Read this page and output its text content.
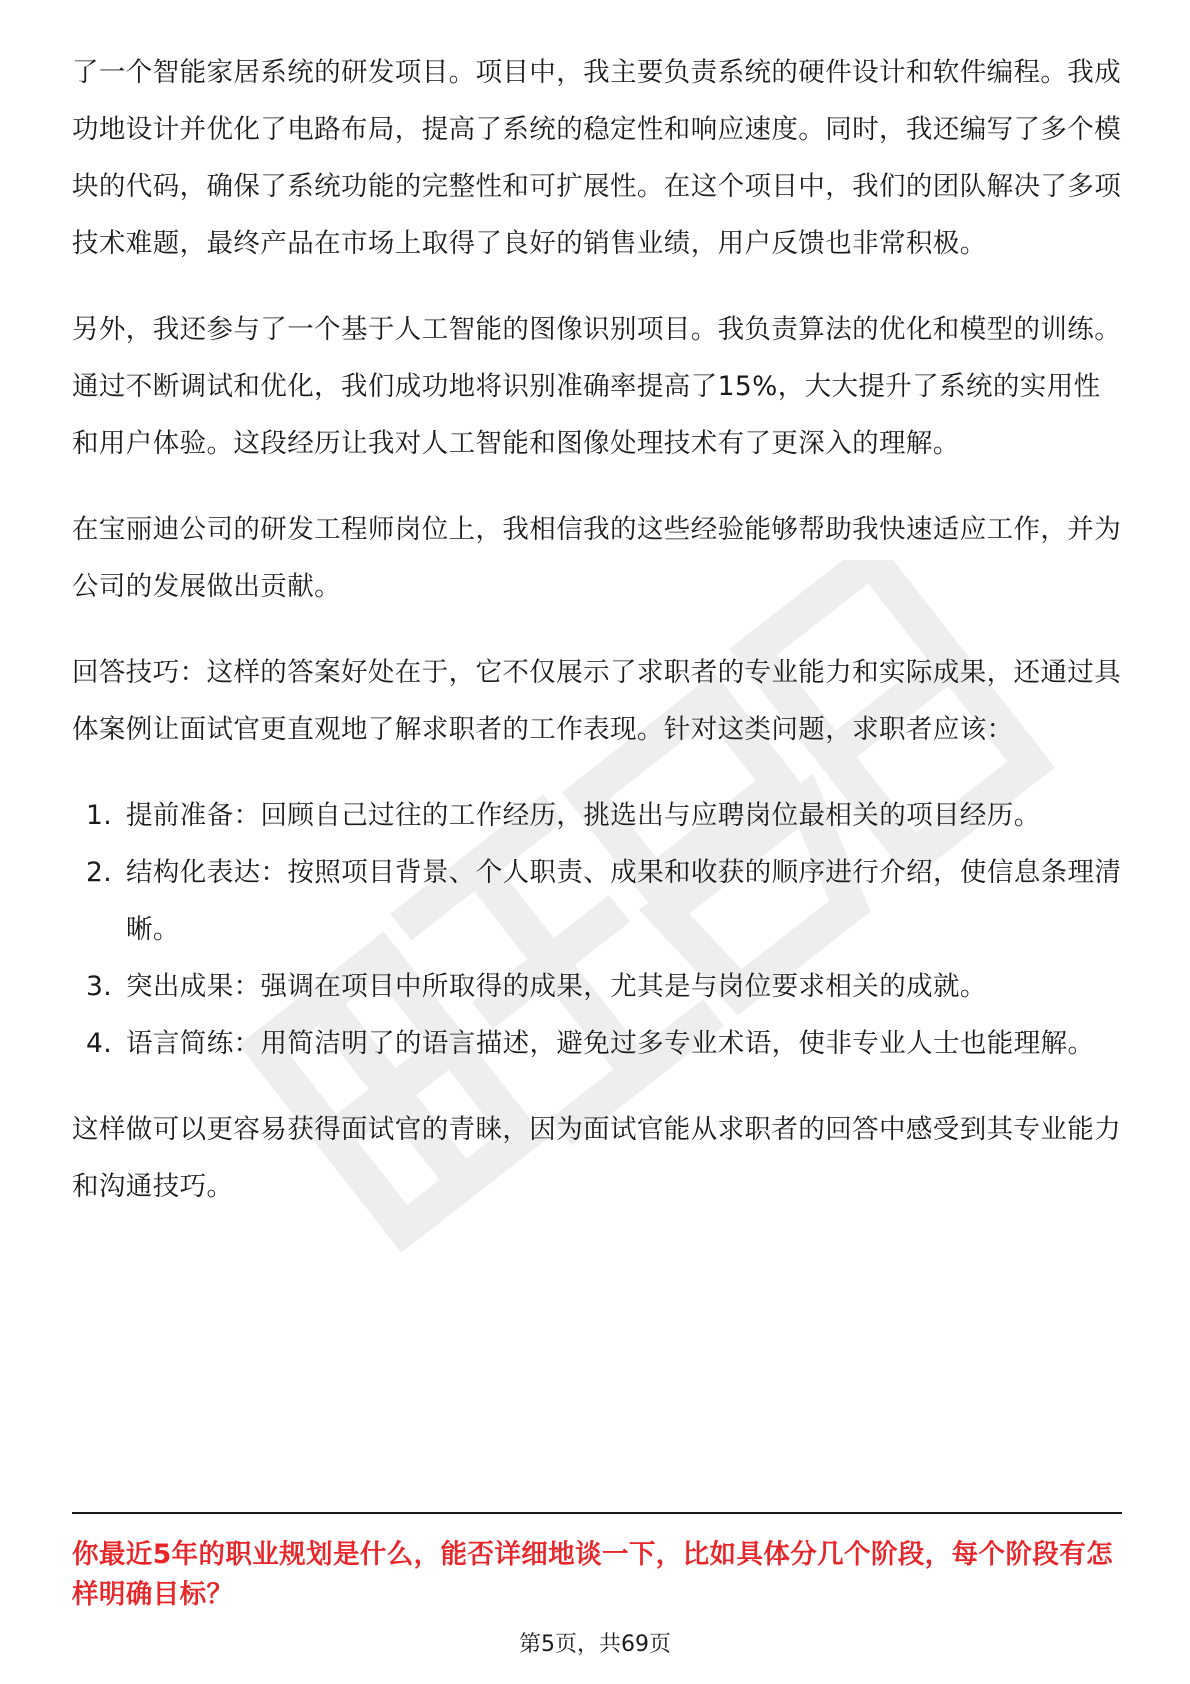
了一个智能家居系统的研发项目。项目中，我主要负责系统的硬件设计和软件编程。我成功地设计并优化了电路布局，提高了系统的稳定性和响应速度。同时，我还编写了多个模块的代码，确保了系统功能的完整性和可扩展性。在这个项目中，我们的团队解决了多项技术难题，最终产品在市场上取得了良好的销售业绩，用户反馈也非常积极。

另外，我还参与了一个基于人工智能的图像识别项目。我负责算法的优化和模型的训练。通过不断调试和优化，我们成功地将识别准确率提高了15%，大大提升了系统的实用性和用户体验。这段经历让我对人工智能和图像处理技术有了更深入的理解。

在宝丽迪公司的研发工程师岗位上，我相信我的这些经验能够帮助我快速适应工作，并为公司的发展做出贡献。

回答技巧：这样的答案好处在于，它不仅展示了求职者的专业能力和实际成果，还通过具体案例让面试官更直观地了解求职者的工作表现。针对这类问题，求职者应该：

1. 提前准备：回顾自己过往的工作经历，挑选出与应聘岗位最相关的项目经历。
2. 结构化表达：按照项目背景、个人职责、成果和收获的顺序进行介绍，使信息条理清晰。
3. 突出成果：强调在项目中所取得的成果，尤其是与岗位要求相关的成就。
4. 语言简练：用简洁明了的语言描述，避免过多专业术语，使非专业人士也能理解。

这样做可以更容易获得面试官的青睐，因为面试官能从求职者的回答中感受到其专业能力和沟通技巧。

你最近5年的职业规划是什么，能否详细地谈一下，比如具体分几个阶段，每个阶段有怎样明确目标？
第5页，共69页
